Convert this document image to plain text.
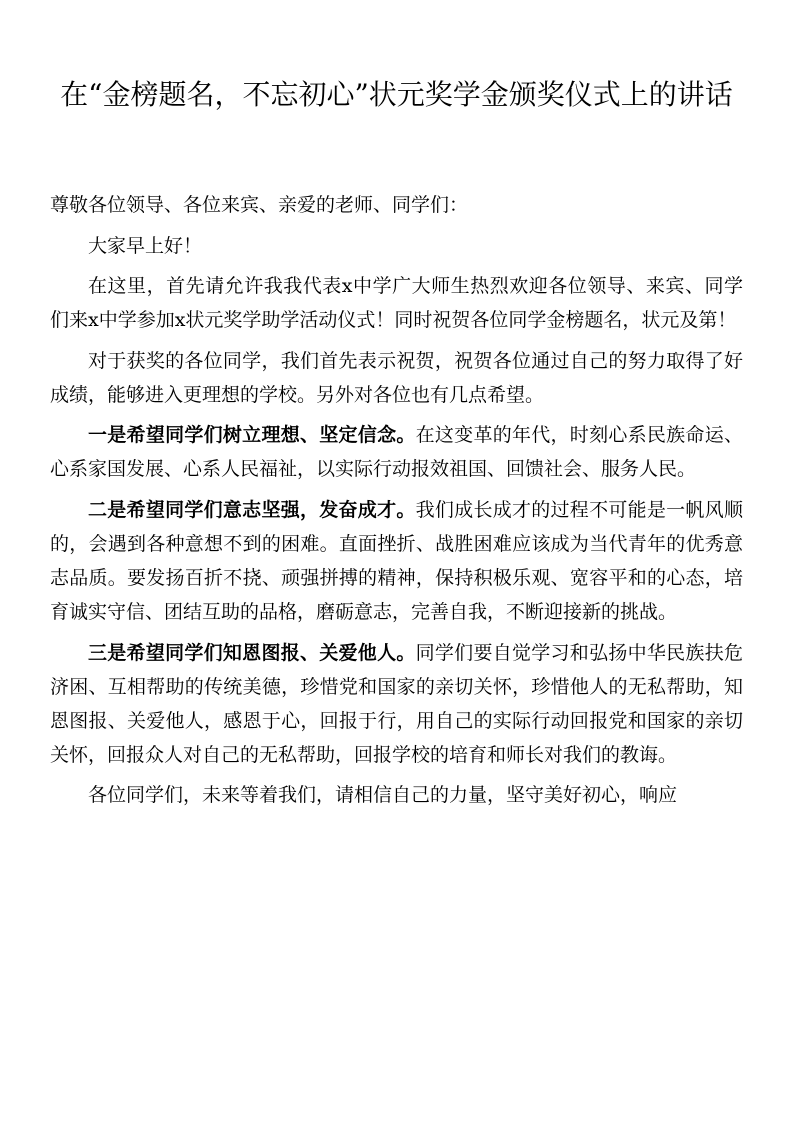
在“金榜题名，不忘初心”状元奖学金颁奖仪式上的讲话

尊敬各位领导、各位来宾、亲爱的老师、同学们：

大家早上好！

在这里，首先请允许我我代表x中学广大师生热烈欢迎各位领导、来宾、同学们来x中学参加x状元奖学助学活动仪式！同时祝贺各位同学金榜题名，状元及第！

对于获奖的各位同学，我们首先表示祝贺，祝贺各位通过自己的努力取得了好成绩，能够进入更理想的学校。另外对各位也有几点希望。

一是希望同学们树立理想、坚定信念。在这变革的年代，时刻心系民族命运、心系家国发展、心系人民福祉，以实际行动报效祖国、回馈社会、服务人民。

二是希望同学们意志坚强，发奋成才。我们成长成才的过程不可能是一帆风顺的，会遇到各种意想不到的困难。直面挫折、战胜困难应该成为当代青年的优秀意志品质。要发扬百折不挠、顽强拼搏的精神，保持积极乐观、宽容平和的心态，培育诚实守信、团结互助的品格，磨砺意志，完善自我，不断迎接新的挑战。

三是希望同学们知恩图报、关爱他人。同学们要自觉学习和弘扬中华民族扶危济困、互相帮助的传统美德，珍惜党和国家的亲切关怀，珍惜他人的无私帮助，知恩图报、关爱他人，感恩于心，回报于行，用自己的实际行动回报党和国家的亲切关怀，回报众人对自己的无私帮助，回报学校的培育和师长对我们的教诲。

各位同学们，未来等着我们，请相信自己的力量，坚守美好初心，响应
